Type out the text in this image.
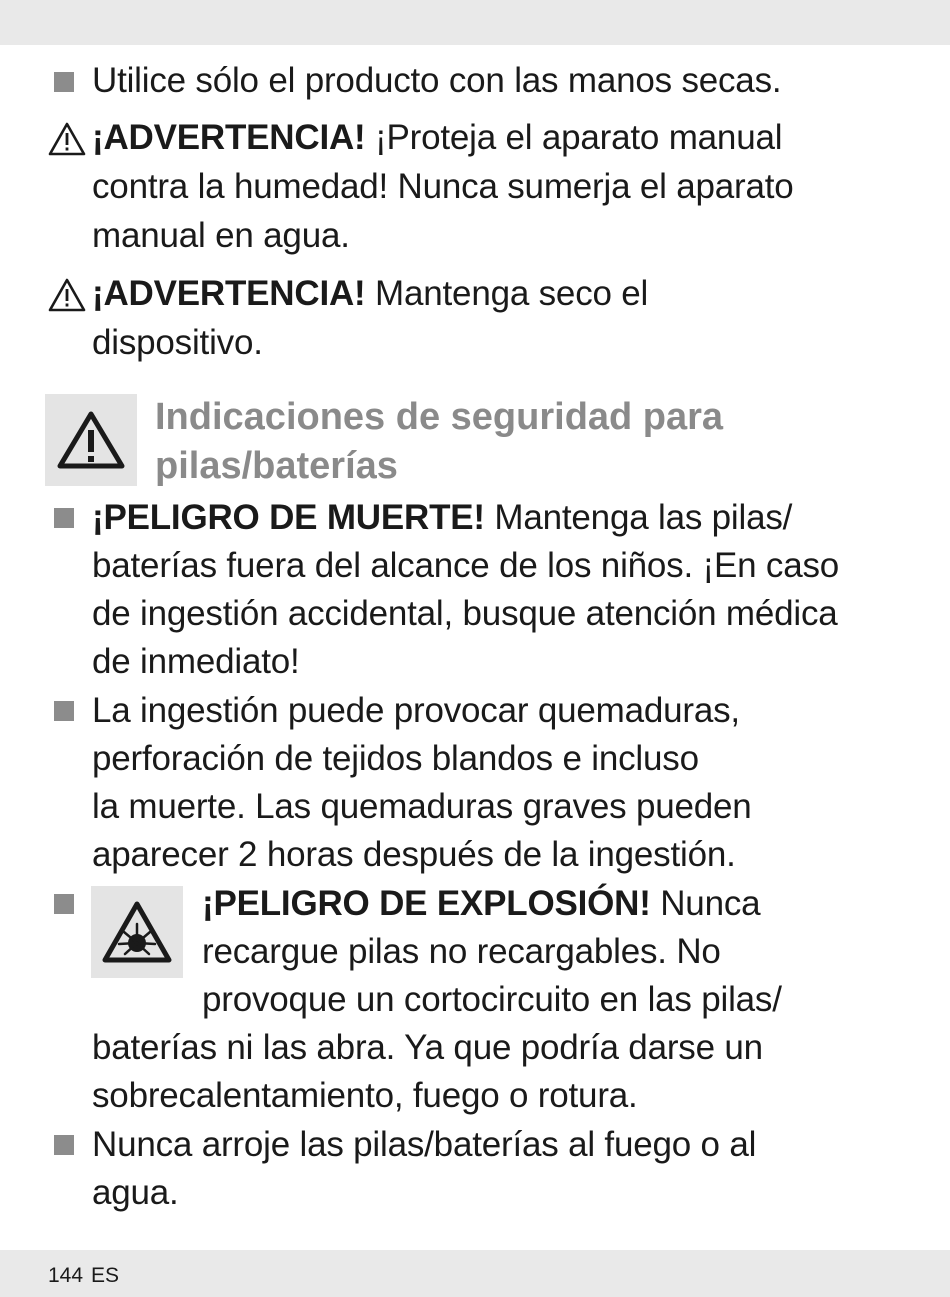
Utilice sólo el producto con las manos secas.
¡ADVERTENCIA! ¡Proteja el aparato manual
contra la humedad! Nunca sumerja el aparato
manual en agua.
¡ADVERTENCIA! Mantenga seco el
dispositivo.
Indicaciones de seguridad para
pilas/baterías
¡PELIGRO DE MUERTE! Mantenga las pilas/
baterías fuera del alcance de los niños. ¡En caso
de ingestión accidental, busque atención médica
de inmediato!
La ingestión puede provocar quemaduras,
perforación de tejidos blandos e incluso
la muerte. Las quemaduras graves pueden
aparecer 2 horas después de la ingestión.
¡PELIGRO DE EXPLOSIÓN! Nunca
recargue pilas no recargables. No
provoque un cortocircuito en las pilas/
baterías ni las abra. Ya que podría darse un
sobrecalentamiento, fuego o rotura.
Nunca arroje las pilas/baterías al fuego o al
agua.
144 ES
